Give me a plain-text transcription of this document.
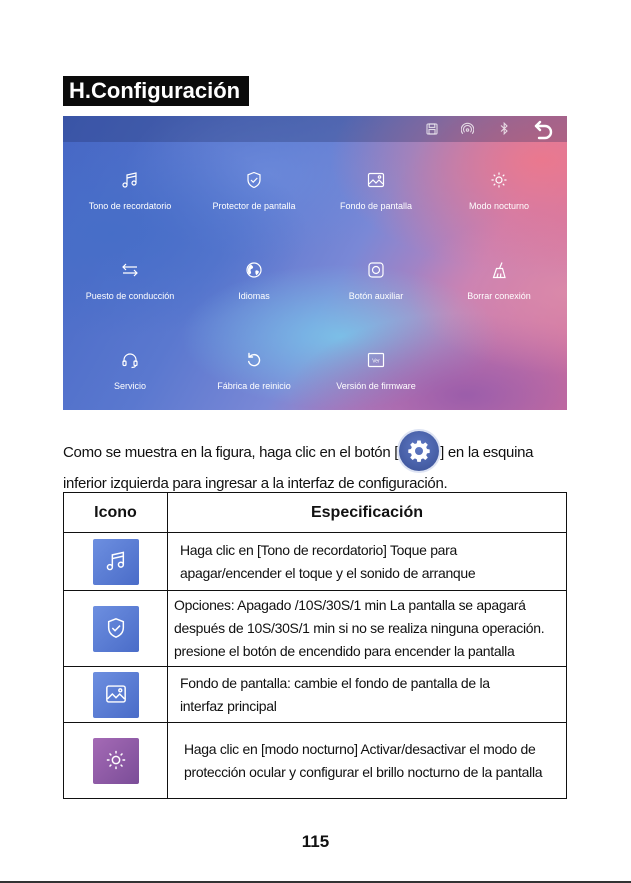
H.Configuración
Tono de recordatorio	Protector de pantalla	Fondo de pantalla	Modo nocturno
Puesto de conducción	Idiomas	Botón auxiliar	Borrar conexión
Servicio	Fábrica de reinicio
Ver
Versión de firmware

Como se muestra en la figura, haga clic en el botón [	] en la esquina inferior izquierda para ingresar a la interfaz de configuración.

Icono	Especificación

	Haga clic en [Tono de recordatorio] Toque para apagar/encender el toque y el sonido de arranque

	Opciones: Apagado /10S/30S/1 min La pantalla se apagará después de 10S/30S/1 min si no se realiza ninguna operación. presione el botón de encendido para encender la pantalla

	Fondo de pantalla: cambie el fondo de pantalla de la interfaz principal

	Haga clic en [modo nocturno] Activar/desactivar el modo de protección ocular y configurar el brillo nocturno de la pantalla
115
